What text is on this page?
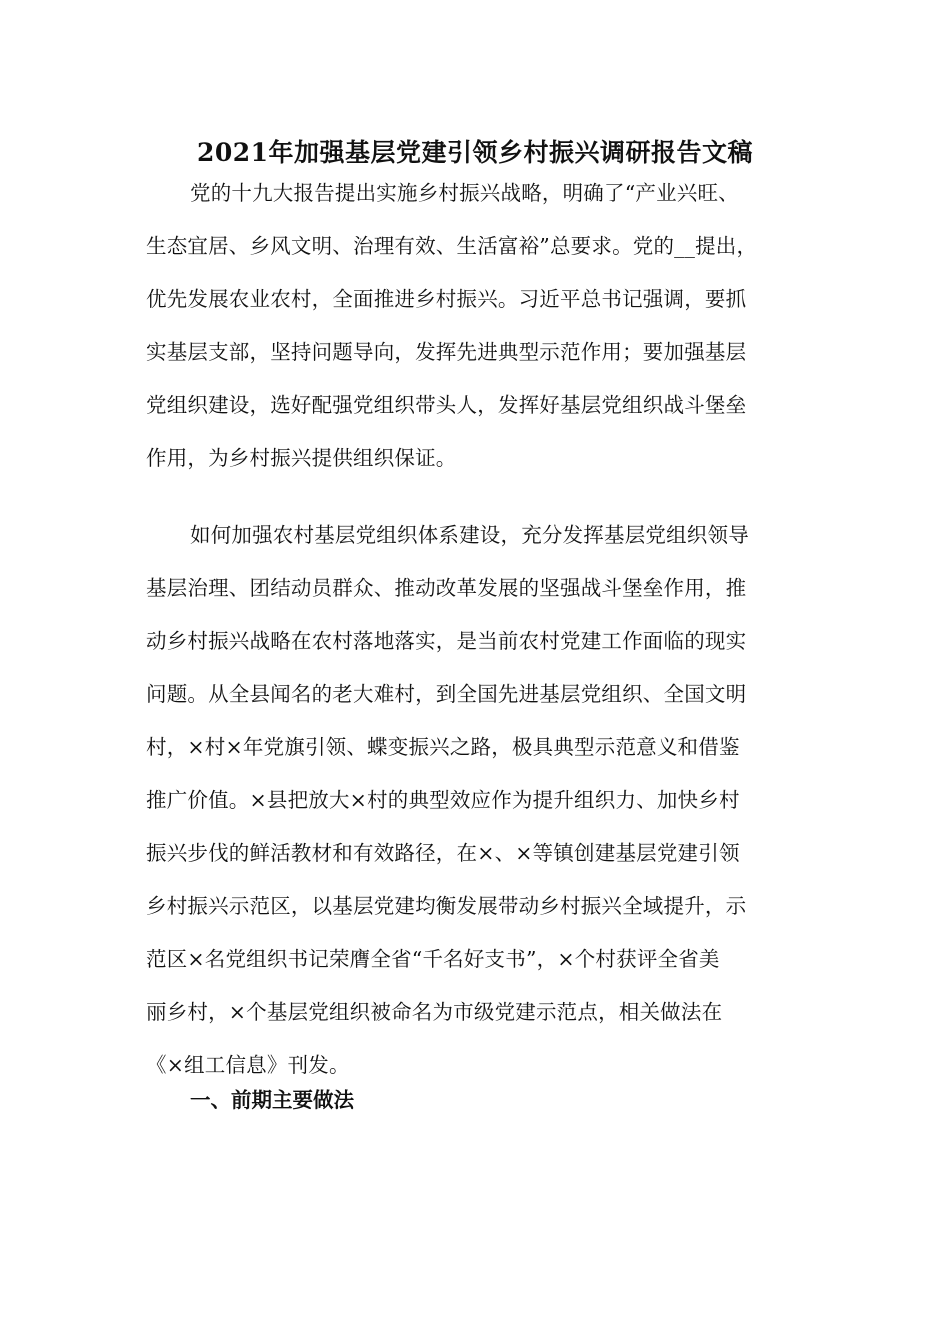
2021年加强基层党建引领乡村振兴调研报告文稿
党的十九大报告提出实施乡村振兴战略，明确了“产业兴旺、
生态宜居、乡风文明、治理有效、生活富裕”总要求。党的__提出，
优先发展农业农村，全面推进乡村振兴。习近平总书记强调，要抓
实基层支部，坚持问题导向，发挥先进典型示范作用；要加强基层
党组织建设，选好配强党组织带头人，发挥好基层党组织战斗堡垒
作用，为乡村振兴提供组织保证。
如何加强农村基层党组织体系建设，充分发挥基层党组织领导
基层治理、团结动员群众、推动改革发展的坚强战斗堡垒作用，推
动乡村振兴战略在农村落地落实，是当前农村党建工作面临的现实
问题。从全县闻名的老大难村，到全国先进基层党组织、全国文明
村，×村×年党旗引领、蝶变振兴之路，极具典型示范意义和借鉴
推广价值。×县把放大×村的典型效应作为提升组织力、加快乡村
振兴步伐的鲜活教材和有效路径，在×、×等镇创建基层党建引领
乡村振兴示范区，以基层党建均衡发展带动乡村振兴全域提升，示
范区×名党组织书记荣膺全省“千名好支书”，×个村获评全省美
丽乡村，×个基层党组织被命名为市级党建示范点，相关做法在
《×组工信息》刊发。
一、前期主要做法
